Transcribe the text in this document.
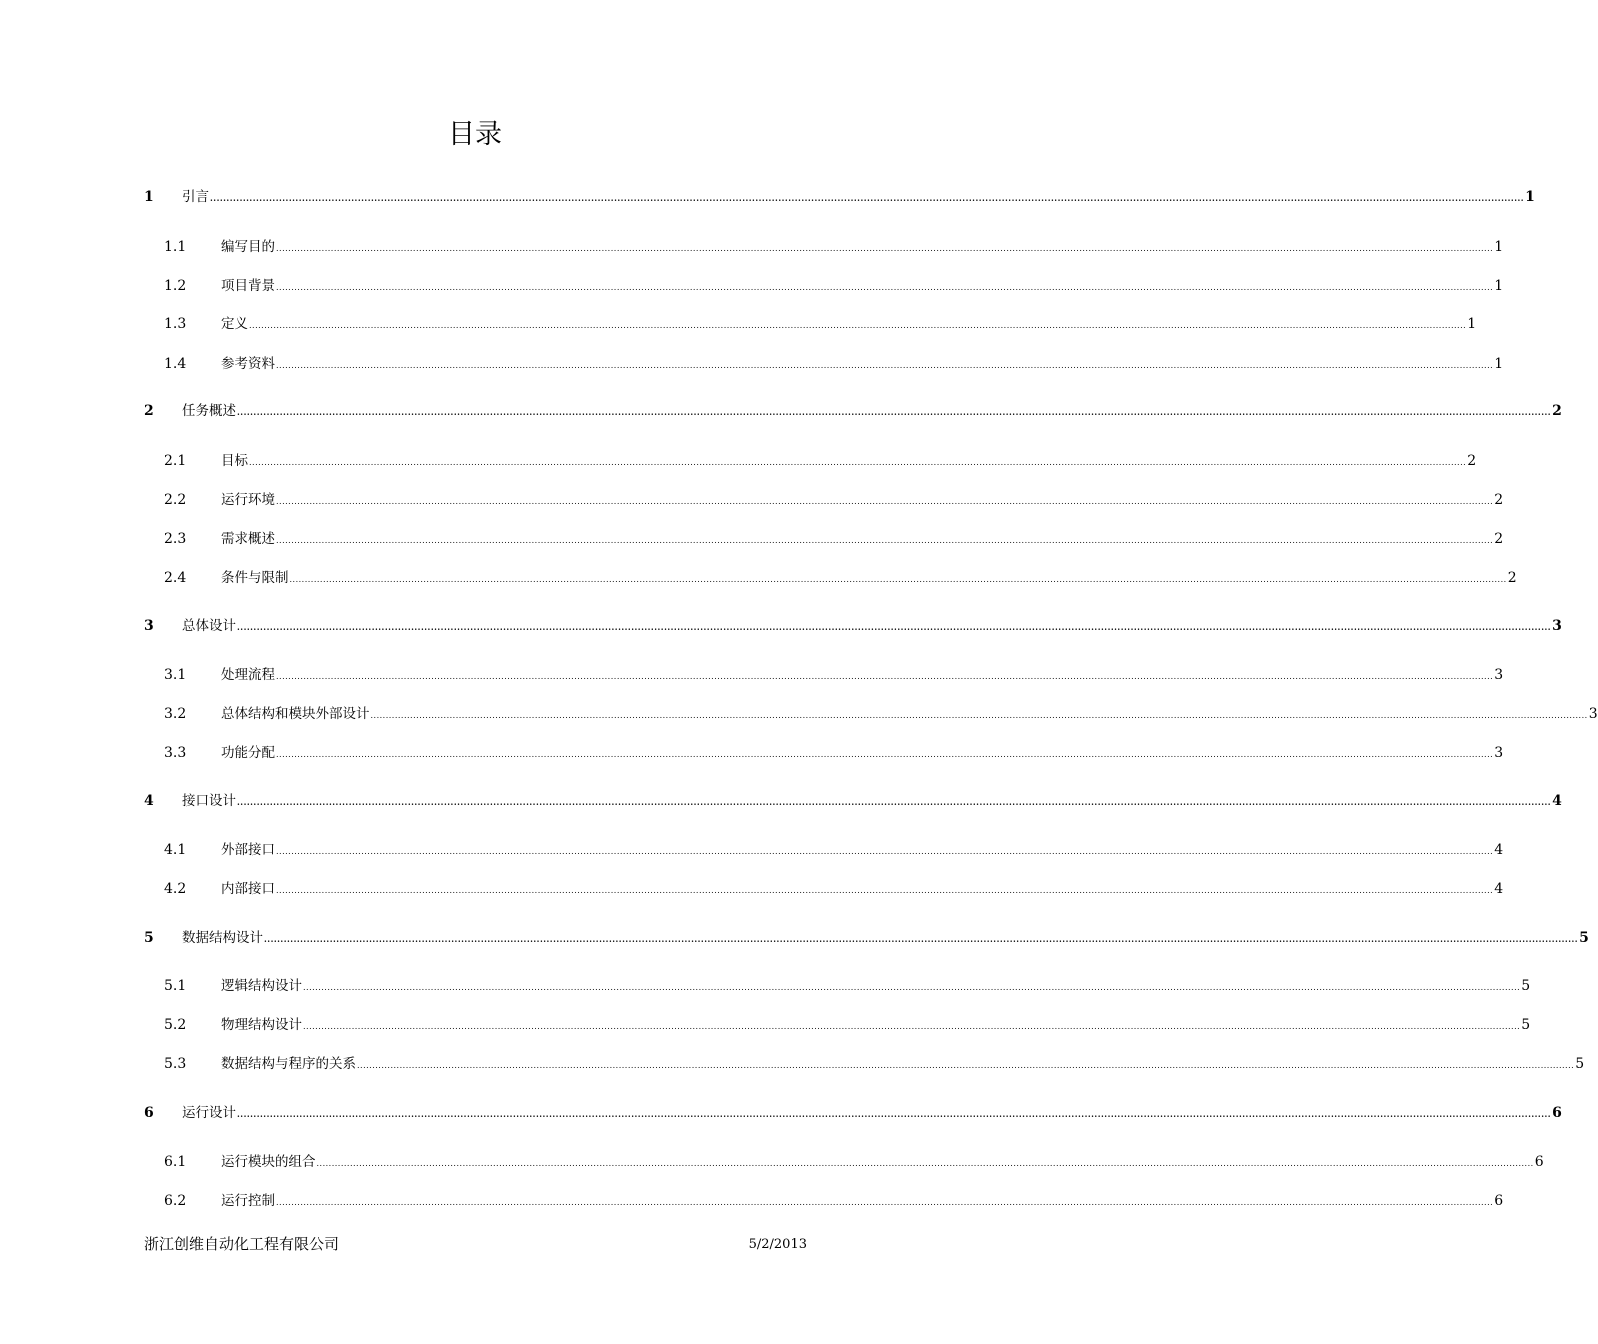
目录
1	引言 ................................................................................................................................................................................................................................................................................................................................................................................................................ 1
1.1	编写目的 ................................................................................................................................................................................................................................................................................................................................................................................................................ 1
1.2	项目背景 ................................................................................................................................................................................................................................................................................................................................................................................................................ 1
1.3	定义 ................................................................................................................................................................................................................................................................................................................................................................................................................ 1
1.4	参考资料 ................................................................................................................................................................................................................................................................................................................................................................................................................ 1
2	任务概述 ................................................................................................................................................................................................................................................................................................................................................................................................................ 2
2.1	目标 ................................................................................................................................................................................................................................................................................................................................................................................................................ 2
2.2	运行环境 ................................................................................................................................................................................................................................................................................................................................................................................................................ 2
2.3	需求概述 ................................................................................................................................................................................................................................................................................................................................................................................................................ 2
2.4	条件与限制 ................................................................................................................................................................................................................................................................................................................................................................................................................ 2
3	总体设计 ................................................................................................................................................................................................................................................................................................................................................................................................................ 3
3.1	处理流程 ................................................................................................................................................................................................................................................................................................................................................................................................................ 3
3.2	总体结构和模块外部设计 ................................................................................................................................................................................................................................................................................................................................................................................................................ 3
3.3	功能分配 ................................................................................................................................................................................................................................................................................................................................................................................................................ 3
4	接口设计 ................................................................................................................................................................................................................................................................................................................................................................................................................ 4
4.1	外部接口 ................................................................................................................................................................................................................................................................................................................................................................................................................ 4
4.2	内部接口 ................................................................................................................................................................................................................................................................................................................................................................................................................ 4
5	数据结构设计 ................................................................................................................................................................................................................................................................................................................................................................................................................ 5
5.1	逻辑结构设计 ................................................................................................................................................................................................................................................................................................................................................................................................................ 5
5.2	物理结构设计 ................................................................................................................................................................................................................................................................................................................................................................................................................ 5
5.3	数据结构与程序的关系 ................................................................................................................................................................................................................................................................................................................................................................................................................ 5
6	运行设计 ................................................................................................................................................................................................................................................................................................................................................................................................................ 6
6.1	运行模块的组合 ................................................................................................................................................................................................................................................................................................................................................................................................................ 6
6.2	运行控制 ................................................................................................................................................................................................................................................................................................................................................................................................................ 6
浙江创维自动化工程有限公司	5/2/2013
